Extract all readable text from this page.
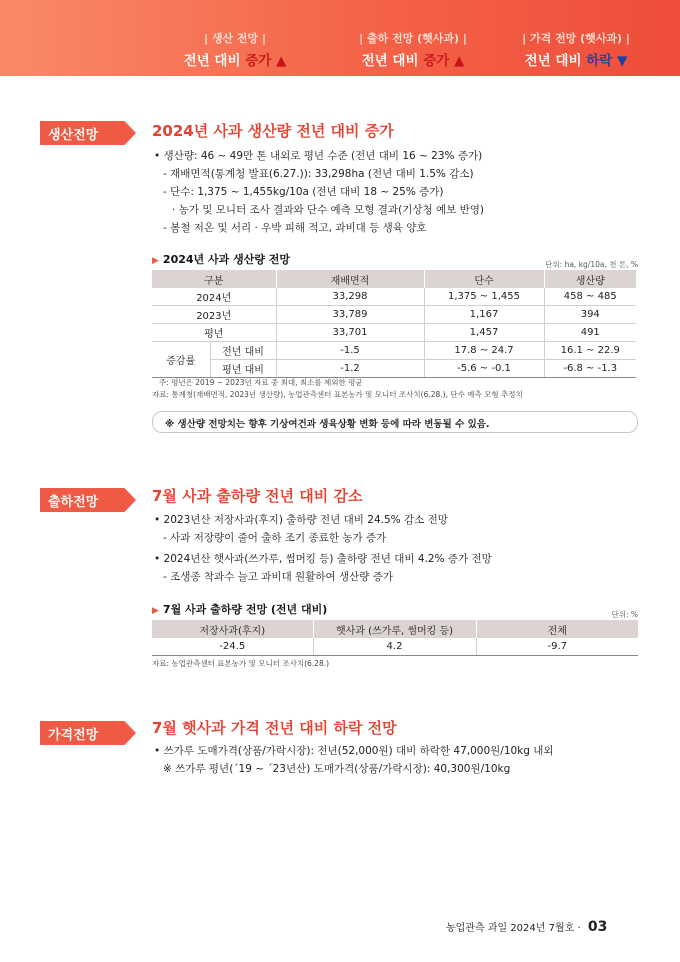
| 생산 전망 |
전년 대비 증가 ▲
| 출하 전망 (햇사과) |
전년 대비 증가 ▲
| 가격 전망 (햇사과) |
전년 대비 하락 ▼
생산전망	2024년 사과 생산량 전년 대비 증가
• 생산량: 46 ~ 49만 톤 내외로 평년 수준 (전년 대비 16 ~ 23% 증가)
- 재배면적(통계청 발표(6.27.)): 33,298ha (전년 대비 1.5% 감소)
- 단수: 1,375 ~ 1,455kg/10a (전년 대비 18 ~ 25% 증가)
· 농가 및 모니터 조사 결과와 단수 예측 모형 결과(기상청 예보 반영)
- 봄철 저온 및 서리 · 우박 피해 적고, 과비대 등 생육 양호
▶ 2024년 사과 생산량 전망	단위: ha, kg/10a, 천 톤, %
구분		재배면적	단수	생산량
2024년		33,298	1,375 ~ 1,455	458 ~ 485
2023년		33,789	1,167	394
평년		33,701	1,457	491
증감률	전년 대비	-1.5	17.8 ~ 24.7	16.1 ~ 22.9
	평년 대비	-1.2	-5.6 ~ -0.1	-6.8 ~ -1.3
주: 평년은 2019 ~ 2023년 자료 중 최대, 최소를 제외한 평균
자료: 통계청(재배면적, 2023년 생산량), 농업관측센터 표본농가 및 모니터 조사치(6.28.), 단수 예측 모형 추정치
※ 생산량 전망치는 향후 기상여건과 생육상황 변화 등에 따라 변동될 수 있음.
출하전망	7월 사과 출하량 전년 대비 감소
• 2023년산 저장사과(후지) 출하량 전년 대비 24.5% 감소 전망
- 사과 저장량이 줄어 출하 조기 종료한 농가 증가
• 2024년산 햇사과(쓰가루, 썸머킹 등) 출하량 전년 대비 4.2% 증가 전망
- 조생종 착과수 늘고 과비대 원활하여 생산량 증가
▶ 7월 사과 출하량 전망 (전년 대비)	단위: %
저장사과(후지)	햇사과 (쓰가루, 썸머킹 등)	전체
-24.5	4.2	-9.7
자료: 농업관측센터 표본농가 및 모니터 조사치(6.28.)
가격전망	7월 햇사과 가격 전년 대비 하락 전망
• 쓰가루 도매가격(상품/가락시장): 전년(52,000원) 대비 하락한 47,000원/10kg 내외
※ 쓰가루 평년(´19 ~ ´23년산) 도매가격(상품/가락시장): 40,300원/10kg
농업관측 과일 2024년 7월호 · 03
